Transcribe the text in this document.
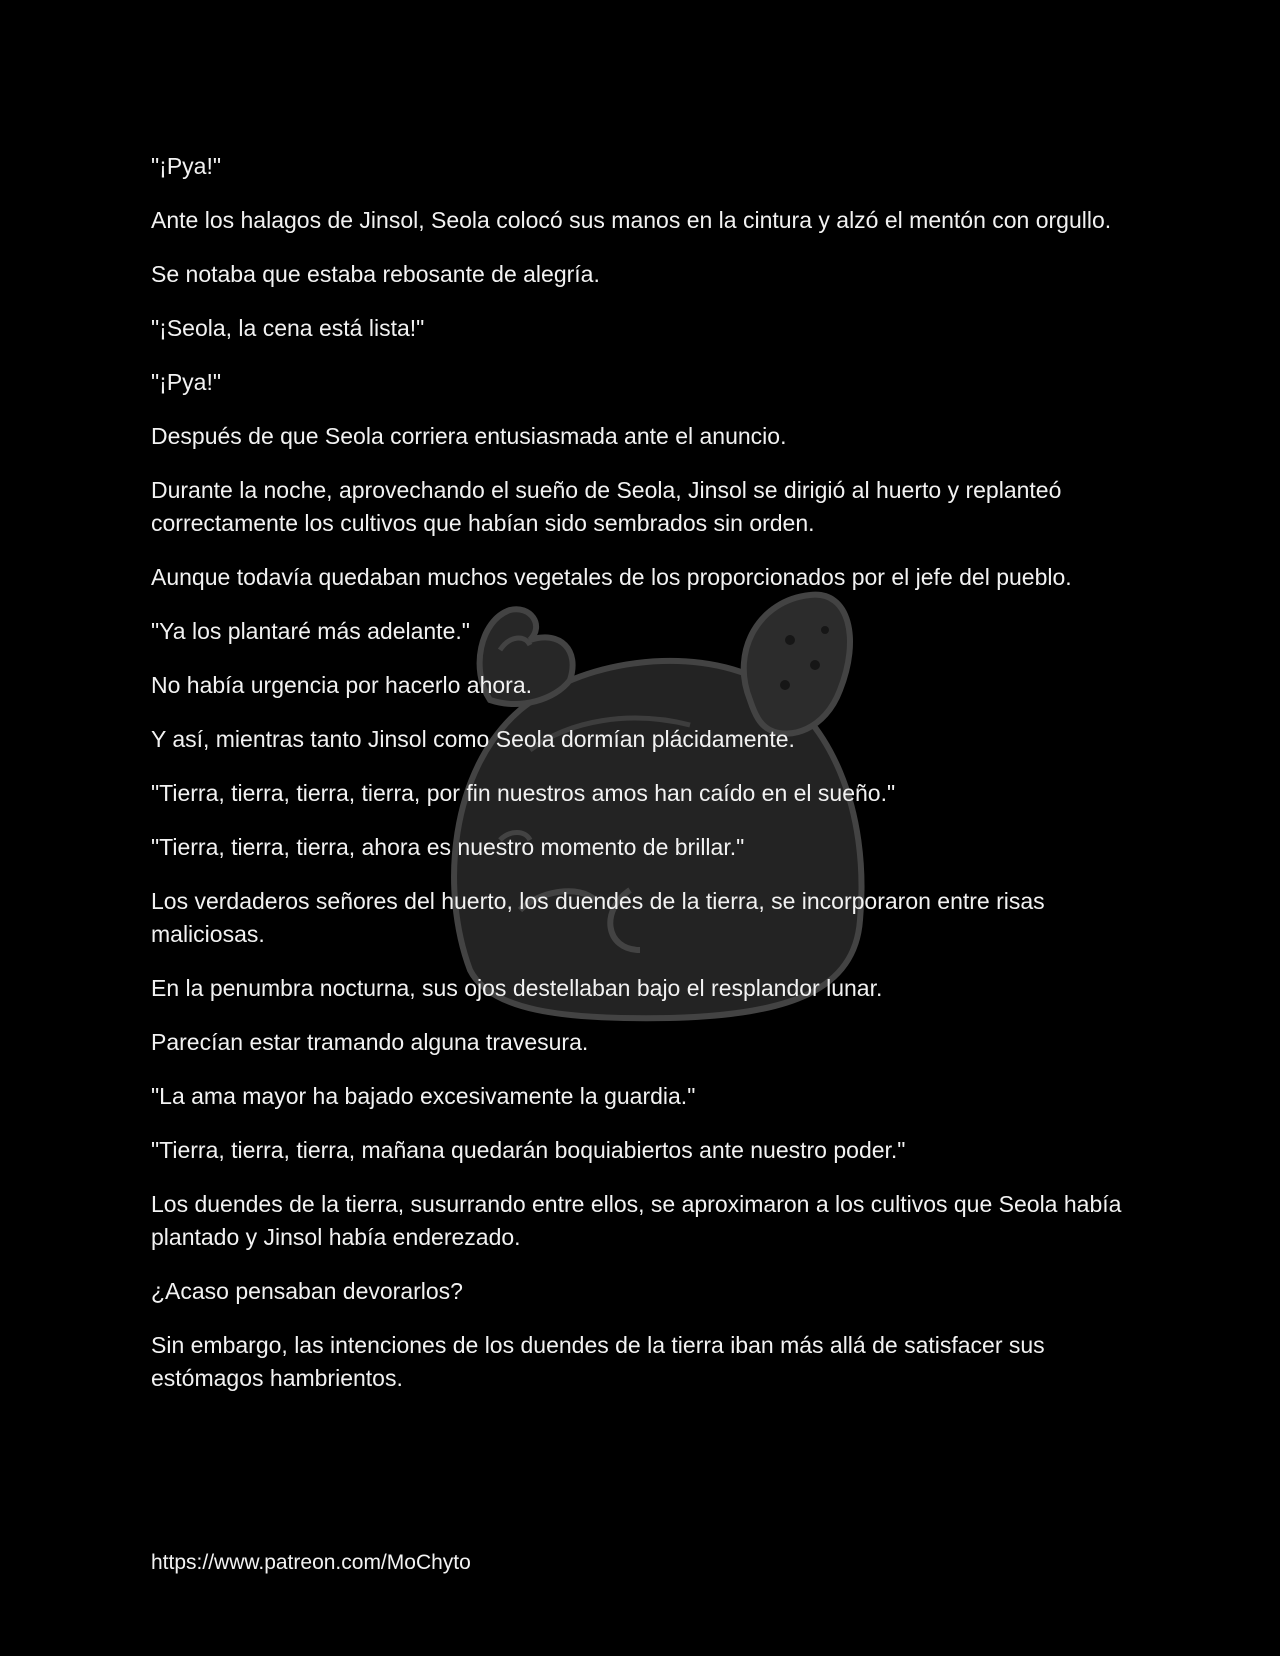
"¡Pya!"

Ante los halagos de Jinsol, Seola colocó sus manos en la cintura y alzó el mentón con orgullo.

Se notaba que estaba rebosante de alegría.

"¡Seola, la cena está lista!"

"¡Pya!"

Después de que Seola corriera entusiasmada ante el anuncio.

Durante la noche, aprovechando el sueño de Seola, Jinsol se dirigió al huerto y replanteó correctamente los cultivos que habían sido sembrados sin orden.

Aunque todavía quedaban muchos vegetales de los proporcionados por el jefe del pueblo.

"Ya los plantaré más adelante."

No había urgencia por hacerlo ahora.

Y así, mientras tanto Jinsol como Seola dormían plácidamente.

"Tierra, tierra, tierra, tierra, por fin nuestros amos han caído en el sueño."

"Tierra, tierra, tierra, ahora es nuestro momento de brillar."

Los verdaderos señores del huerto, los duendes de la tierra, se incorporaron entre risas maliciosas.

En la penumbra nocturna, sus ojos destellaban bajo el resplandor lunar.

Parecían estar tramando alguna travesura.

"La ama mayor ha bajado excesivamente la guardia."

"Tierra, tierra, tierra, mañana quedarán boquiabiertos ante nuestro poder."

Los duendes de la tierra, susurrando entre ellos, se aproximaron a los cultivos que Seola había plantado y Jinsol había enderezado.

¿Acaso pensaban devorarlos?

Sin embargo, las intenciones de los duendes de la tierra iban más allá de satisfacer sus estómagos hambrientos.

https://www.patreon.com/MoChyto
